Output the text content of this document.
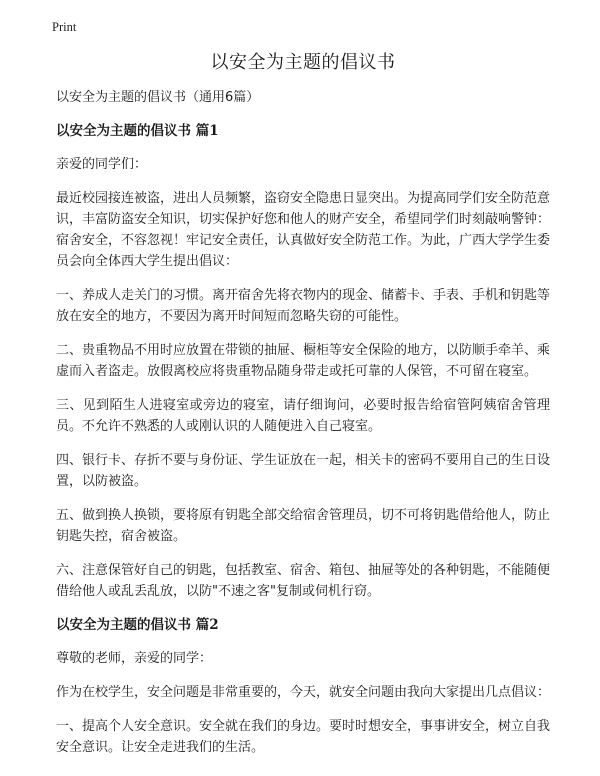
Print
以安全为主题的倡议书
以安全为主题的倡议书（通用6篇）
以安全为主题的倡议书 篇1

亲爱的同学们：

最近校园接连被盗，进出人员频繁，盗窃安全隐患日显突出。为提高同学们安全防范意识，丰富防盗安全知识，切实保护好您和他人的财产安全，希望同学们时刻敲响警钟：宿舍安全，不容忽视！牢记安全责任，认真做好安全防范工作。为此，广西大学学生委员会向全体西大学生提出倡议：

一、养成人走关门的习惯。离开宿舍先将衣物内的现金、储蓄卡、手表、手机和钥匙等放在安全的地方，不要因为离开时间短而忽略失窃的可能性。

二、贵重物品不用时应放置在带锁的抽屉、橱柜等安全保险的地方，以防顺手牵羊、乘虚而入者盗走。放假离校应将贵重物品随身带走或托可靠的人保管，不可留在寝室。

三、见到陌生人进寝室或旁边的寝室，请仔细询问，必要时报告给宿管阿姨宿舍管理员。不允许不熟悉的人或刚认识的人随便进入自己寝室。

四、银行卡、存折不要与身份证、学生证放在一起，相关卡的密码不要用自己的生日设置，以防被盗。

五、做到换人换锁，要将原有钥匙全部交给宿舍管理员，切不可将钥匙借给他人，防止钥匙失控，宿舍被盗。

六、注意保管好自己的钥匙，包括教室、宿舍、箱包、抽屉等处的各种钥匙，不能随便借给他人或乱丢乱放，以防"不速之客"复制或伺机行窃。

以安全为主题的倡议书 篇2

尊敬的老师，亲爱的同学：

作为在校学生，安全问题是非常重要的，今天，就安全问题由我向大家提出几点倡议：

一、提高个人安全意识。安全就在我们的身边。要时时想安全，事事讲安全，树立自我安全意识。让安全走进我们的生活。
